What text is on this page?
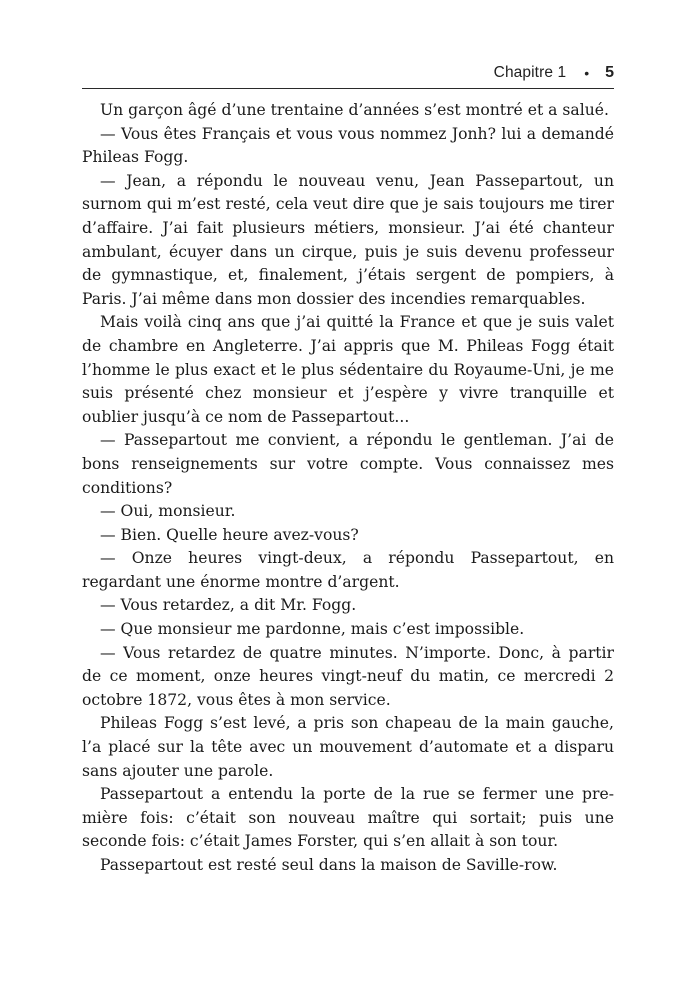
Chapitre 1 • 5

Un garçon âgé d’une trentaine d’années s’est montré et a salué.

— Vous êtes Français et vous vous nommez Jonh? lui a demandé Phileas Fogg.

— Jean, a répondu le nouveau venu, Jean Passepartout, un surnom qui m’est resté, cela veut dire que je sais toujours me tirer d’affaire. J’ai fait plusieurs métiers, monsieur. J’ai été chanteur ambulant, écuyer dans un cirque, puis je suis devenu professeur de gymnastique, et, finalement, j’étais sergent de pompiers, à Paris. J’ai même dans mon dossier des incendies remarquables.

Mais voilà cinq ans que j’ai quitté la France et que je suis valet de chambre en Angleterre. J’ai appris que M. Phileas Fogg était l’homme le plus exact et le plus sédentaire du Royaume-Uni, je me suis présenté chez monsieur et j’espère y vivre tranquille et oublier jusqu’à ce nom de Passepartout...

— Passepartout me convient, a répondu le gentleman. J’ai de bons renseignements sur votre compte. Vous connaissez mes conditions?

— Oui, monsieur.

— Bien. Quelle heure avez-vous?

— Onze heures vingt-deux, a répondu Passepartout, en regardant une énorme montre d’argent.

— Vous retardez, a dit Mr. Fogg.

— Que monsieur me pardonne, mais c’est impossible.

— Vous retardez de quatre minutes. N’importe. Donc, à partir de ce moment, onze heures vingt-neuf du matin, ce mercredi 2 octobre 1872, vous êtes à mon service.

Phileas Fogg s’est levé, a pris son chapeau de la main gauche, l’a placé sur la tête avec un mouvement d’automate et a disparu sans ajouter une parole.

Passepartout a entendu la porte de la rue se fermer une première fois: c’était son nouveau maître qui sortait; puis une seconde fois: c’était James Forster, qui s’en allait à son tour.

Passepartout est resté seul dans la maison de Saville-row.
